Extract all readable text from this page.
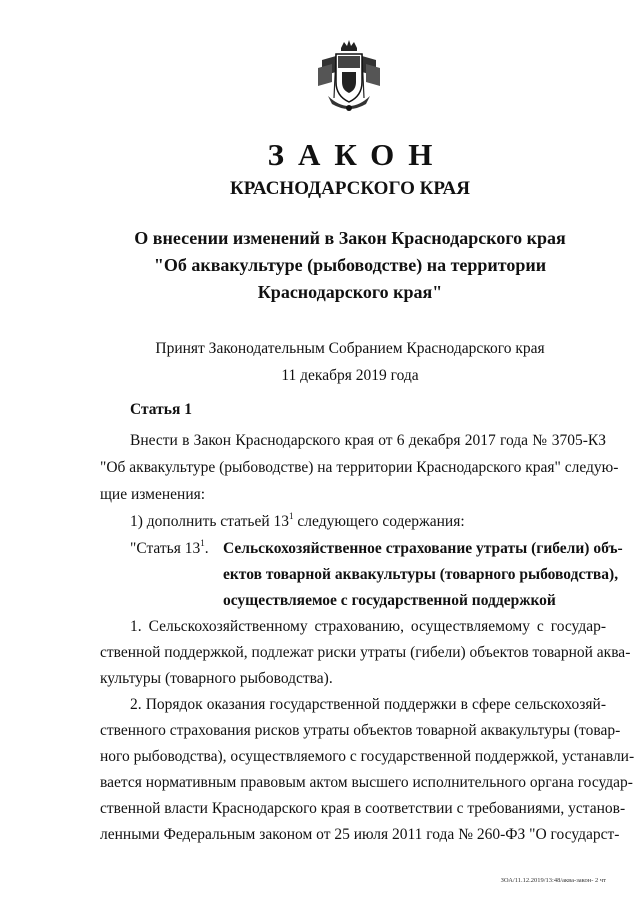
ЗАКОН
КРАСНОДАРСКОГО КРАЯ
О внесении изменений в Закон Краснодарского края
"Об аквакультуре (рыбоводстве) на территории
Краснодарского края"
Принят Законодательным Собранием Краснодарского края
11 декабря 2019 года
Статья 1
Внести в Закон Краснодарского края от 6 декабря 2017 года № 3705-КЗ
"Об аквакультуре (рыбоводстве) на территории Краснодарского края" следую-
щие изменения:
1) дополнить статьей $13^1$ следующего содержания:
"Статья $13^1$. Сельскохозяйственное страхование утраты (гибели) объ-
ектов товарной аквакультуры (товарного рыбоводства),
осуществляемое с государственной поддержкой
1. Сельскохозяйственному страхованию, осуществляемому с государ-
ственной поддержкой, подлежат риски утраты (гибели) объектов товарной аква-
культуры (товарного рыбоводства).
2. Порядок оказания государственной поддержки в сфере сельскохозяй-
ственного страхования рисков утраты объектов товарной аквакультуры (товар-
ного рыбоводства), осуществляемого с государственной поддержкой, устанавли-
вается нормативным правовым актом высшего исполнительного органа государ-
ственной власти Краснодарского края в соответствии с требованиями, установ-
ленными Федеральным законом от 25 июля 2011 года № 260-ФЗ "О государст-
ЗОА/11.12.2019/13:48/аква-закон- 2 чт
